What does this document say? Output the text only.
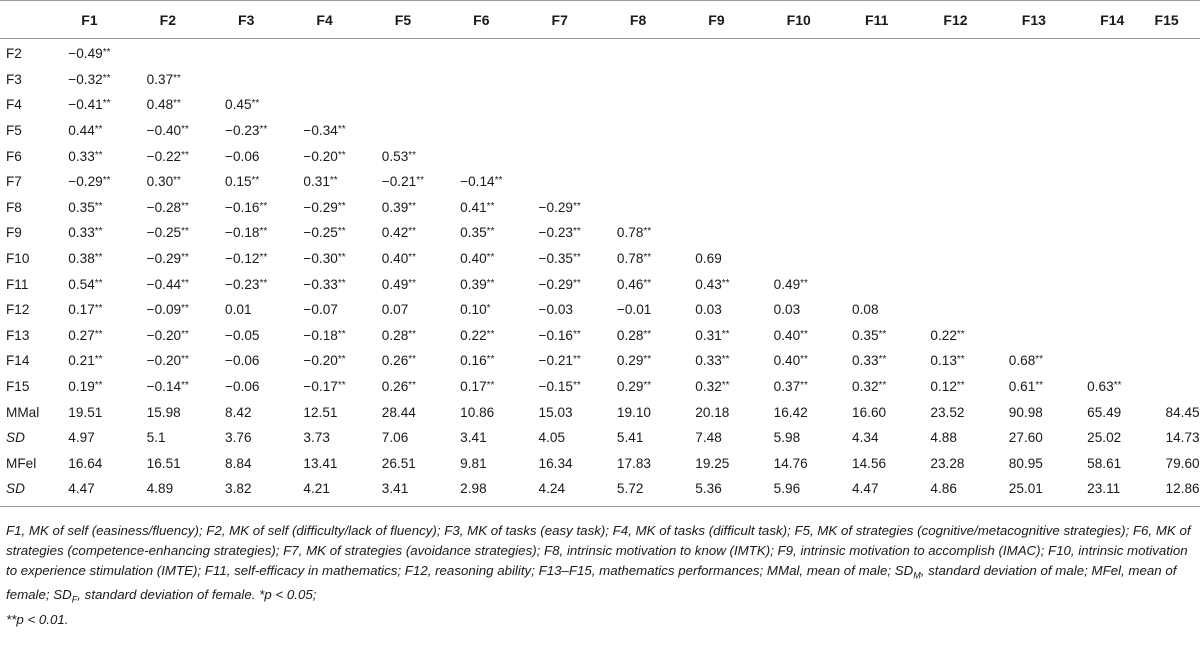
	F1	F2	F3	F4	F5	F6	F7	F8	F9	F10	F11	F12	F13	F14	F15
F2	−0.49**														
F3	−0.32**	0.37**													
F4	−0.41**	0.48**	0.45**												
F5	0.44**	−0.40**	−0.23**	−0.34**											
F6	0.33**	−0.22**	−0.06	−0.20**	0.53**										
F7	−0.29**	0.30**	0.15**	0.31**	−0.21**	−0.14**									
F8	0.35**	−0.28**	−0.16**	−0.29**	0.39**	0.41**	−0.29**								
F9	0.33**	−0.25**	−0.18**	−0.25**	0.42**	0.35**	−0.23**	0.78**							
F10	0.38**	−0.29**	−0.12**	−0.30**	0.40**	0.40**	−0.35**	0.78**	0.69						
F11	0.54**	−0.44**	−0.23**	−0.33**	0.49**	0.39**	−0.29**	0.46**	0.43**	0.49**					
F12	0.17**	−0.09**	0.01	−0.07	0.07	0.10*	−0.03	−0.01	0.03	0.03	0.08				
F13	0.27**	−0.20**	−0.05	−0.18**	0.28**	0.22**	−0.16**	0.28**	0.31**	0.40**	0.35**	0.22**			
F14	0.21**	−0.20**	−0.06	−0.20**	0.26**	0.16**	−0.21**	0.29**	0.33**	0.40**	0.33**	0.13**	0.68**		
F15	0.19**	−0.14**	−0.06	−0.17**	0.26**	0.17**	−0.15**	0.29**	0.32**	0.37**	0.32**	0.12**	0.61**	0.63**	
MMal	19.51	15.98	8.42	12.51	28.44	10.86	15.03	19.10	20.18	16.42	16.60	23.52	90.98	65.49	84.45
SD	4.97	5.1	3.76	3.73	7.06	3.41	4.05	5.41	7.48	5.98	4.34	4.88	27.60	25.02	14.73
MFel	16.64	16.51	8.84	13.41	26.51	9.81	16.34	17.83	19.25	14.76	14.56	23.28	80.95	58.61	79.60
SD	4.47	4.89	3.82	4.21	3.41	2.98	4.24	5.72	5.36	5.96	4.47	4.86	25.01	23.11	12.86

F1, MK of self (easiness/fluency); F2, MK of self (difficulty/lack of fluency); F3, MK of tasks (easy task); F4, MK of tasks (difficult task); F5, MK of strategies (cognitive/metacognitive strategies); F6, MK of strategies (competence-enhancing strategies); F7, MK of strategies (avoidance strategies); F8, intrinsic motivation to know (IMTK); F9, intrinsic motivation to accomplish (IMAC); F10, intrinsic motivation to experience stimulation (IMTE); F11, self-efficacy in mathematics; F12, reasoning ability; F13–F15, mathematics performances; MMal, mean of male; $SD_M$, standard deviation of male; MFel, mean of female; $SD_F$, standard deviation of female. *p < 0.05;
**p < 0.01.
